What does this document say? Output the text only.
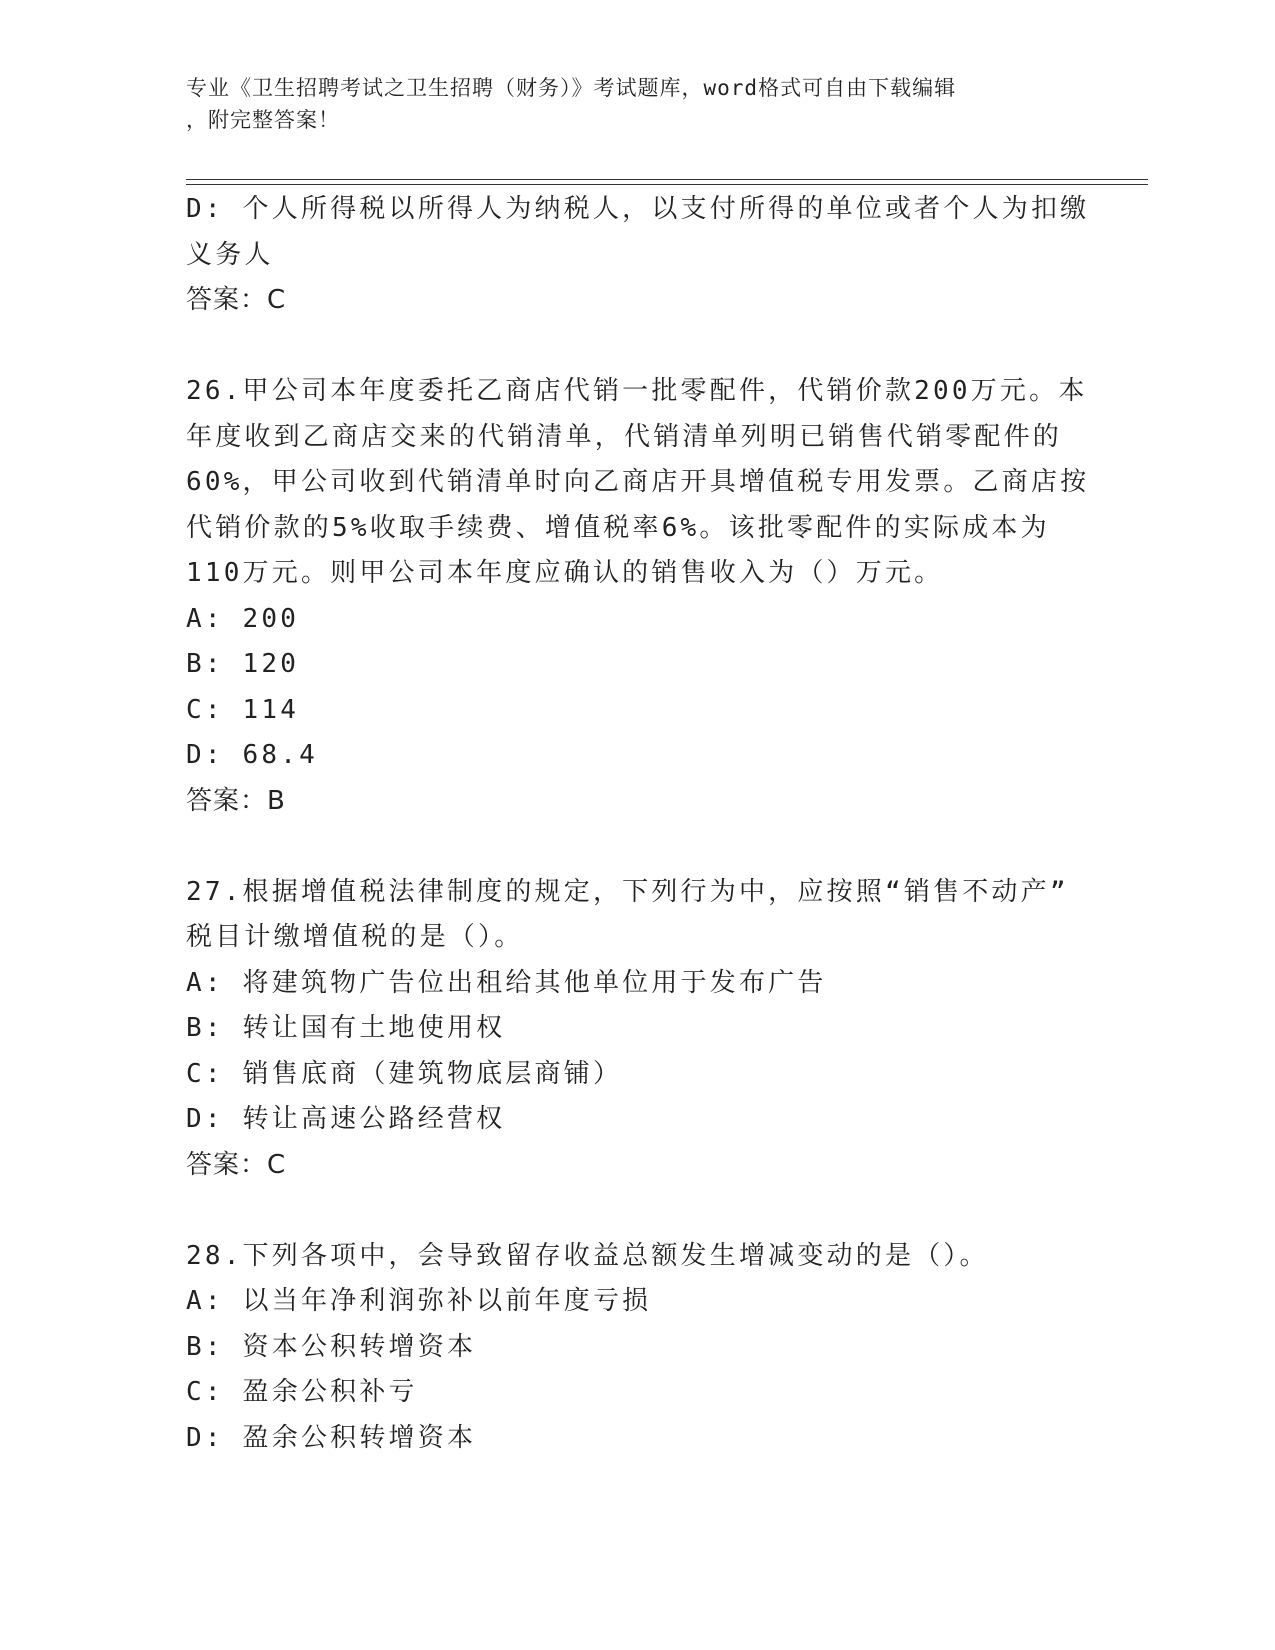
专业《卫生招聘考试之卫生招聘（财务）》考试题库，word格式可自由下载编辑
，附完整答案！
D: 个人所得税以所得人为纳税人，以支付所得的单位或者个人为扣缴
义务人
答案：C
26.甲公司本年度委托乙商店代销一批零配件，代销价款200万元。本
年度收到乙商店交来的代销清单，代销清单列明已销售代销零配件的
60%，甲公司收到代销清单时向乙商店开具增值税专用发票。乙商店按
代销价款的5%收取手续费、增值税率6%。该批零配件的实际成本为
110万元。则甲公司本年度应确认的销售收入为（）万元。
A: 200
B: 120
C: 114
D: 68.4
答案：B
27.根据增值税法律制度的规定，下列行为中，应按照“销售不动产”
税目计缴增值税的是（）。
A: 将建筑物广告位出租给其他单位用于发布广告
B: 转让国有土地使用权
C: 销售底商（建筑物底层商铺）
D: 转让高速公路经营权
答案：C
28.下列各项中，会导致留存收益总额发生增减变动的是（）。
A: 以当年净利润弥补以前年度亏损
B: 资本公积转增资本
C: 盈余公积补亏
D: 盈余公积转增资本
